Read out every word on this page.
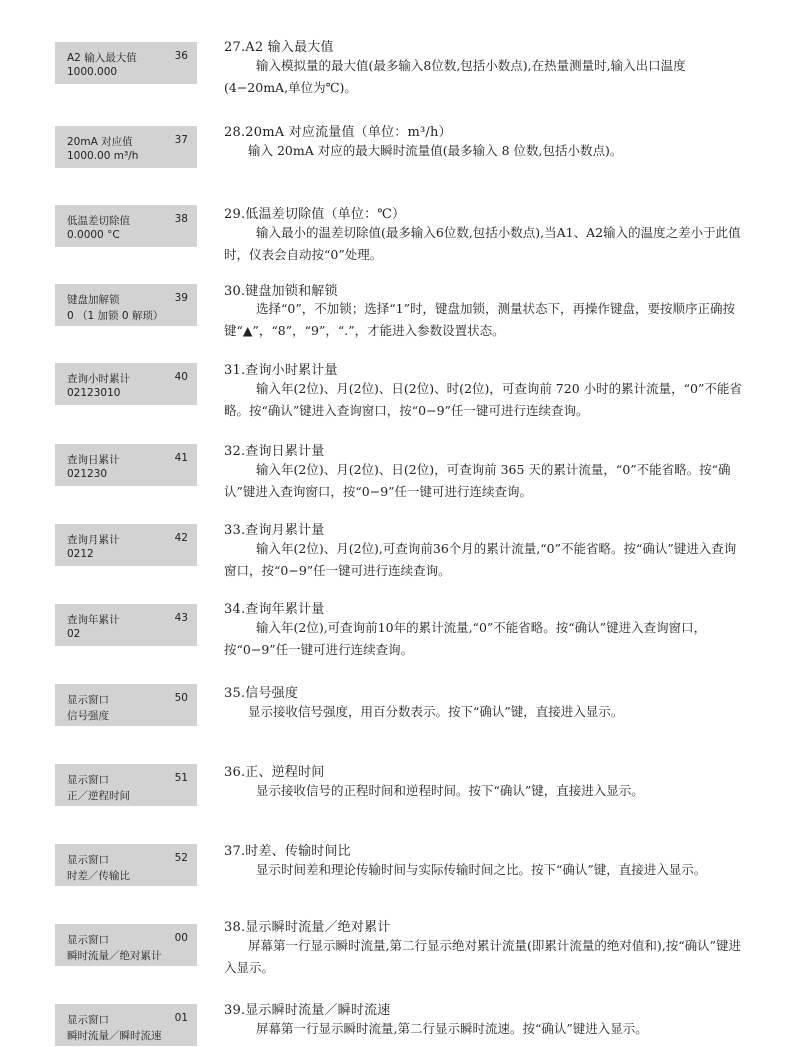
A2 输入最大值	36
1000.000
27.A2 输入最大值
输入模拟量的最大值(最多输入8位数,包括小数点),在热量测量时,输入出口温度(4−20mA,单位为℃)。
20mA 对应值	37
1000.00 m³/h
28.20mA 对应流量值（单位：m³/h）
输入 20mA 对应的最大瞬时流量值(最多输入 8 位数,包括小数点)。
低温差切除值	38
0.0000 °C
29.低温差切除值（单位：℃）
输入最小的温差切除值(最多输入6位数,包括小数点),当A1、A2输入的温度之差小于此值时，仪表会自动按“0”处理。
键盘加解锁	39
0 （1 加锁 0 解琐）
30.键盘加锁和解锁
选择“0”，不加锁；选择“1”时，键盘加锁，测量状态下，再操作键盘，要按顺序正确按键“▲”，“8”，“9”，“.”，才能进入参数设置状态。
查询小时累计	40
02123010
31.查询小时累计量
输入年(2位)、月(2位)、日(2位)、时(2位)，可查询前 720 小时的累计流量，“0”不能省略。按“确认”键进入查询窗口，按“0−9”任一键可进行连续查询。
查询日累计	41
021230
32.查询日累计量
输入年(2位)、月(2位)、日(2位)，可查询前 365 天的累计流量，“0”不能省略。按“确认”键进入查询窗口，按“0−9”任一键可进行连续查询。
查询月累计	42
0212
33.查询月累计量
输入年(2位)、月(2位),可查询前36个月的累计流量,“0”不能省略。按“确认”键进入查询窗口，按“0−9”任一键可进行连续查询。
查询年累计	43
02
34.查询年累计量
输入年(2位),可查询前10年的累计流量,“0”不能省略。按“确认”键进入查询窗口，按“0−9”任一键可进行连续查询。
显示窗口	50
信号强度
35.信号强度
显示接收信号强度，用百分数表示。按下“确认”键，直接进入显示。
显示窗口	51
正／逆程时间
36.正、逆程时间
显示接收信号的正程时间和逆程时间。按下“确认”键，直接进入显示。
显示窗口	52
时差／传输比
37.时差、传输时间比
显示时间差和理论传输时间与实际传输时间之比。按下“确认”键，直接进入显示。
显示窗口	00
瞬时流量／绝对累计
38.显示瞬时流量／绝对累计
屏幕第一行显示瞬时流量,第二行显示绝对累计流量(即累计流量的绝对值和),按“确认”键进入显示。
显示窗口	01
瞬时流量／瞬时流速
39.显示瞬时流量／瞬时流速
屏幕第一行显示瞬时流量,第二行显示瞬时流速。按“确认”键进入显示。
